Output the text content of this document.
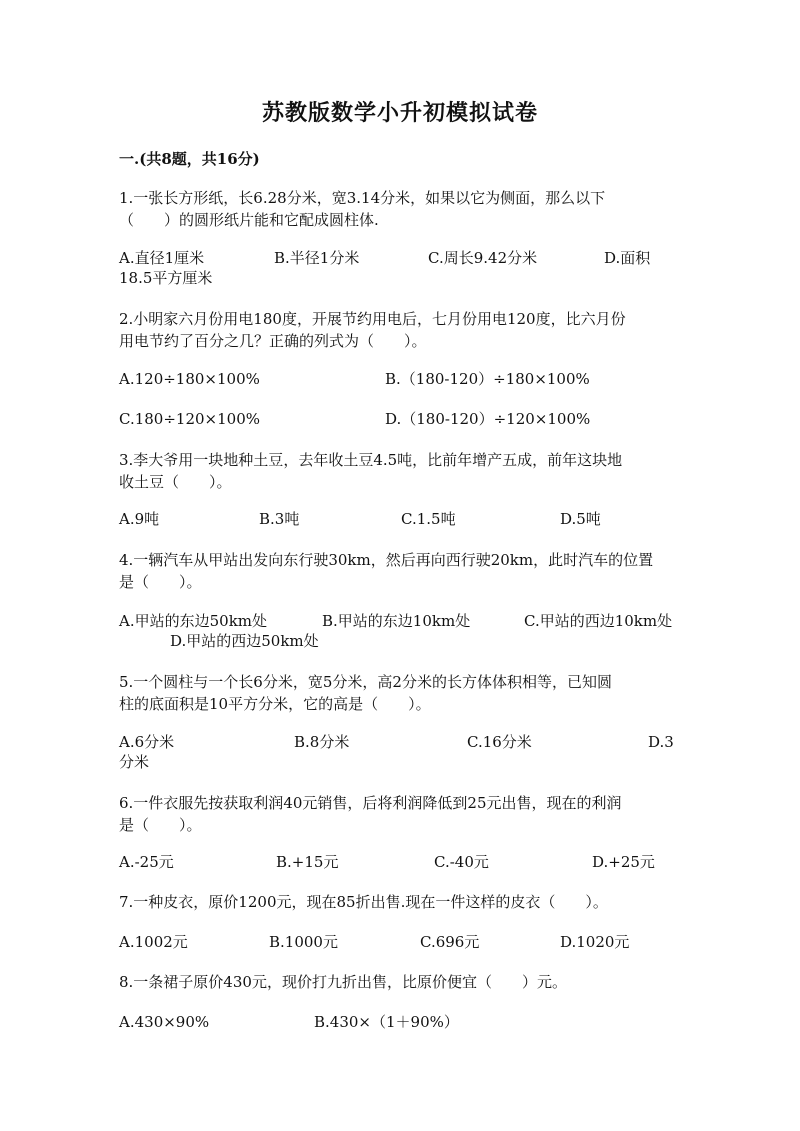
苏教版数学小升初模拟试卷
一.(共8题，共16分)
1.一张长方形纸，长6.28分米，宽3.14分米，如果以它为侧面，那么以下
（　　）的圆形纸片能和它配成圆柱体.
A.直径1厘米	B.半径1分米	C.周长9.42分米	D.面积
18.5平方厘米
2.小明家六月份用电180度，开展节约用电后，七月份用电120度，比六月份
用电节约了百分之几？正确的列式为（　　）。
A.120÷180×100%	B.（180-120）÷180×100%
C.180÷120×100%	D.（180-120）÷120×100%
3.李大爷用一块地种土豆，去年收土豆4.5吨，比前年增产五成，前年这块地
收土豆（　　）。
A.9吨	B.3吨	C.1.5吨	D.5吨
4.一辆汽车从甲站出发向东行驶30km，然后再向西行驶20km，此时汽车的位置
是（　　）。
A.甲站的东边50km处	B.甲站的东边10km处	C.甲站的西边10km处
D.甲站的西边50km处
5.一个圆柱与一个长6分米，宽5分米，高2分米的长方体体积相等，已知圆
柱的底面积是10平方分米，它的高是（　　）。
A.6分米	B.8分米	C.16分米	D.3
分米
6.一件衣服先按获取利润40元销售，后将利润降低到25元出售，现在的利润
是（　　）。
A.-25元	B.+15元	C.-40元	D.+25元
7.一种皮衣，原价1200元，现在85折出售.现在一件这样的皮衣（　　）。
A.1002元	B.1000元	C.696元	D.1020元
8.一条裙子原价430元，现价打九折出售，比原价便宜（　　）元。
A.430×90%	B.430×（1＋90%）
